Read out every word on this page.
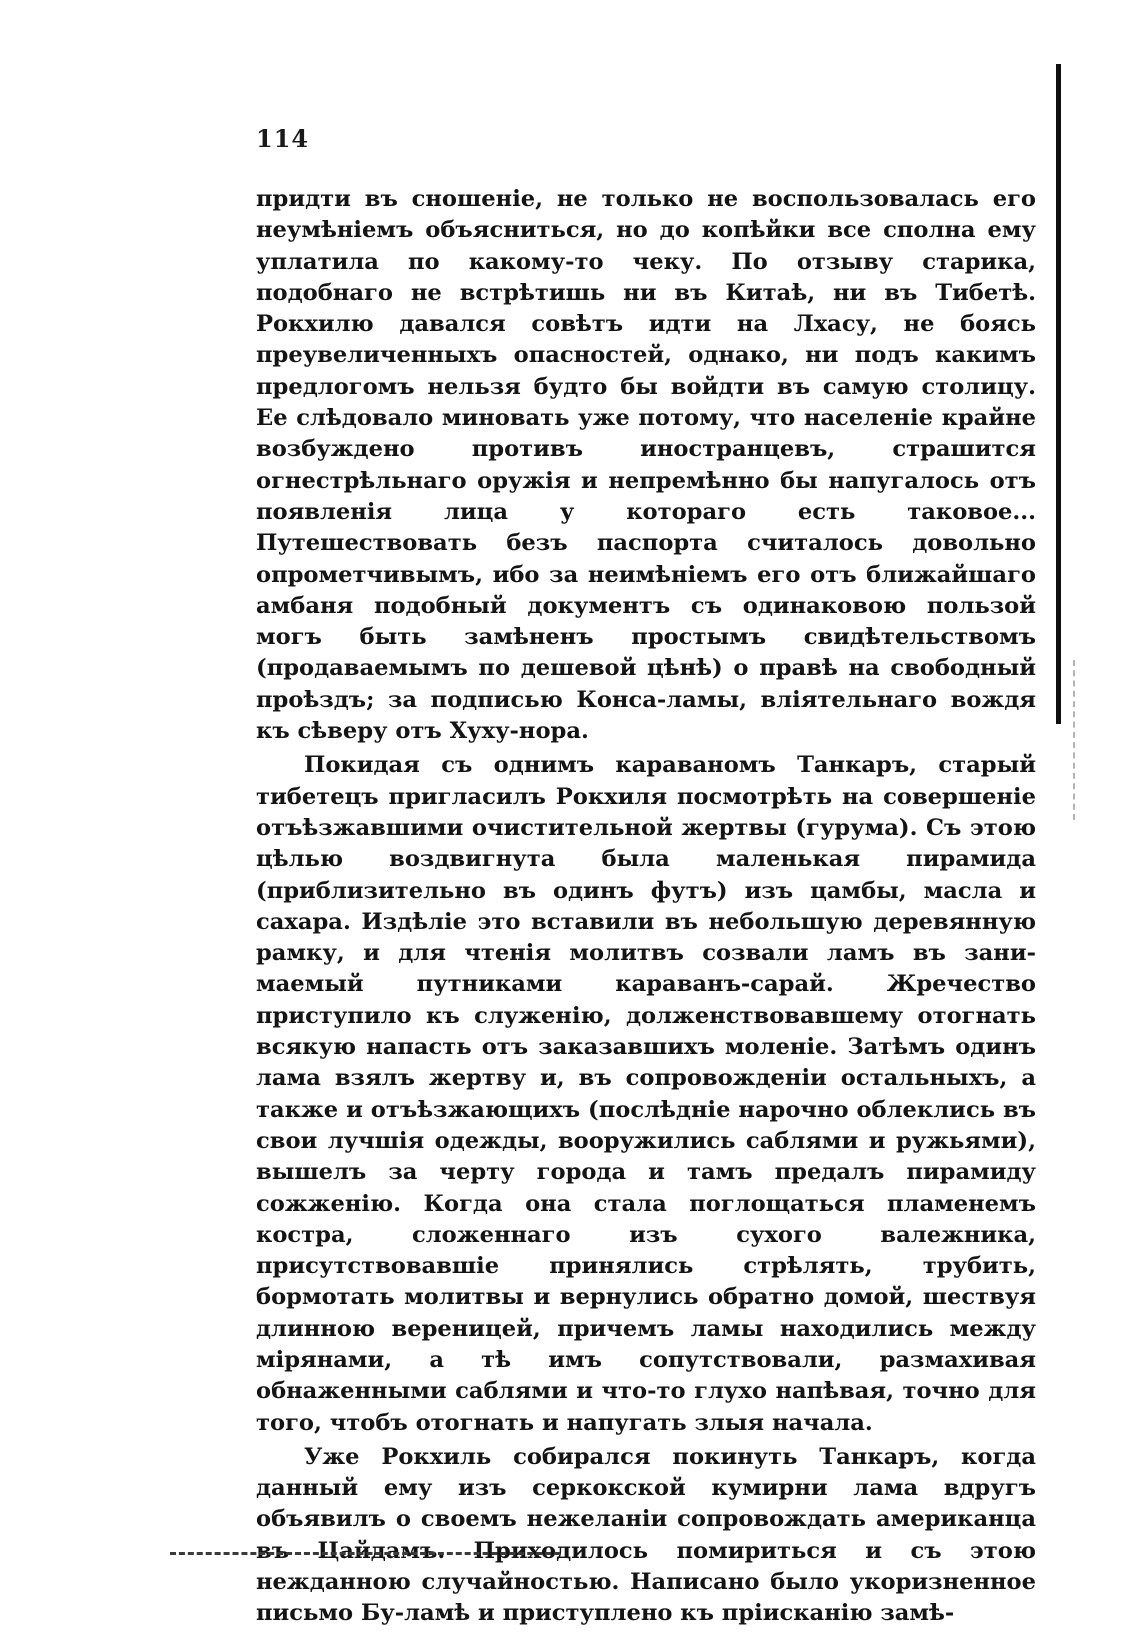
114

придти въ сношеніе, не только не воспользовалась его неумѣніемъ объясниться, но до копѣйки все сполна ему уплатила по какому-то чеку. По отзыву старика, подобнаго не встрѣтишь ни въ Китаѣ, ни въ Тибетѣ. Рокхилю давался совѣтъ идти на Лхасу, не боясь преувеличенныхъ опасностей, однако, ни подъ какимъ предлогомъ нельзя будто бы войдти въ самую столицу. Ее слѣдовало миновать уже потому, что населеніе крайне возбуждено противъ иностранцевъ, страшится огнестрѣльнаго оружія и непремѣнно бы напугалось отъ появленія лица у котораго есть таковое... Путешествовать безъ паспорта считалось довольно опрометчивымъ, ибо за неимѣніемъ его отъ ближайшаго амбаня подобный документъ съ одинаковою пользой могъ быть замѣненъ простымъ свидѣтельствомъ (продаваемымъ по дешевой цѣнѣ) о правѣ на свободный проѣздъ; за подписью Конса-ламы, вліятельнаго вождя къ сѣверу отъ Хуху-нора.

Покидая съ однимъ караваномъ Танкаръ, старый тибетецъ пригласилъ Рокхиля посмотрѣть на совершеніе отъѣзжавшими очистительной жертвы (гурума). Съ этою цѣлью воздвигнута была маленькая пирамида (приблизительно въ одинъ футъ) изъ цамбы, масла и сахара. Издѣліе это вставили въ небольшую деревянную рамку, и для чтенія молитвъ созвали ламъ въ занимаемый путниками караванъ-сарай. Жречество приступило къ служенію, долженствовавшему отогнать всякую напасть отъ заказавшихъ моленіе. Затѣмъ одинъ лама взялъ жертву и, въ сопровожденіи остальныхъ, а также и отъѣзжающихъ (послѣдніе нарочно облеклись въ свои лучшія одежды, вооружились саблями и ружьями), вышелъ за черту города и тамъ предалъ пирамиду сожженію. Когда она стала поглощаться пламенемъ костра, сложеннаго изъ сухого валежника, присутствовавшіе принялись стрѣлять, трубить, бормотать молитвы и вернулись обратно домой, шествуя длинною вереницей, причемъ ламы находились между мірянами, а тѣ имъ сопутствовали, размахивая обнаженными саблями и что-то глухо напѣвая, точно для того, чтобъ отогнать и напугать злыя начала.

Уже Рокхиль собирался покинуть Танкаръ, когда данный ему изъ серкокской кумирни лама вдругъ объявилъ о своемъ нежеланіи сопровождать американца въ Цайдамъ. Приходилось помириться и съ этою нежданною случайностью. Написано было укоризненное письмо Бу-ламѣ и приступлено къ пріисканію замѣ-
